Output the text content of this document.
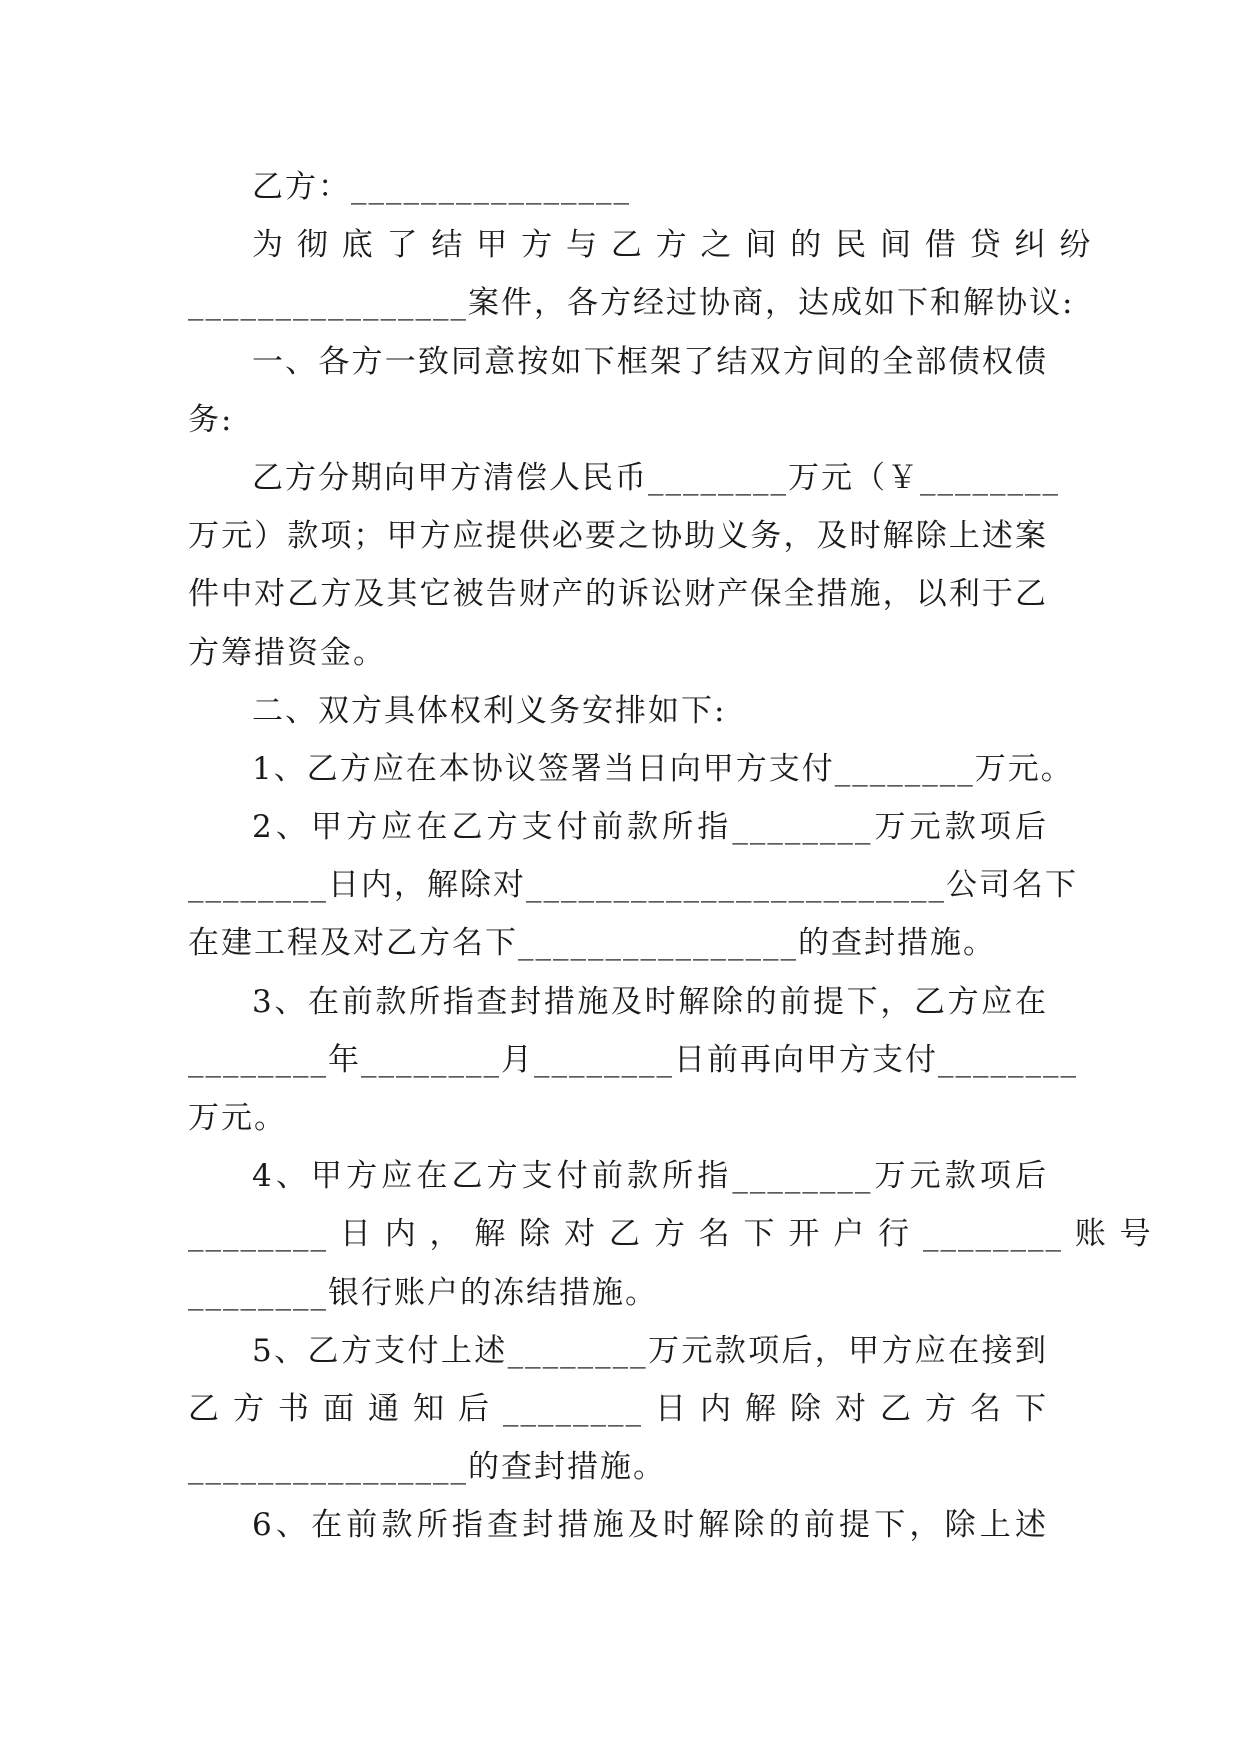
乙方：________________
为 彻 底 了 结 甲 方 与 乙 方 之 间 的 民 间 借 贷 纠 纷
________________案件，各方经过协商，达成如下和解协议:
一、各方一致同意按如下框架了结双方间的全部债权债
务:
乙方分期向甲方清偿人民币________万元（￥________
万元）款项；甲方应提供必要之协助义务，及时解除上述案
件中对乙方及其它被告财产的诉讼财产保全措施，以利于乙
方筹措资金。
二、双方具体权利义务安排如下:
1、乙方应在本协议签署当日向甲方支付________万元。
2、甲方应在乙方支付前款所指________万元款项后
________日内，解除对________________________公司名下
在建工程及对乙方名下________________的查封措施。
3、在前款所指查封措施及时解除的前提下，乙方应在
________年________月________日前再向甲方支付________
万元。
4、甲方应在乙方支付前款所指________万元款项后
________ 日 内 ， 解 除 对 乙 方 名 下 开 户 行 ________ 账 号
________银行账户的冻结措施。
5、乙方支付上述________万元款项后，甲方应在接到
乙 方 书 面 通 知 后 ________ 日 内 解 除 对 乙 方 名 下
________________的查封措施。
6、在前款所指查封措施及时解除的前提下，除上述
